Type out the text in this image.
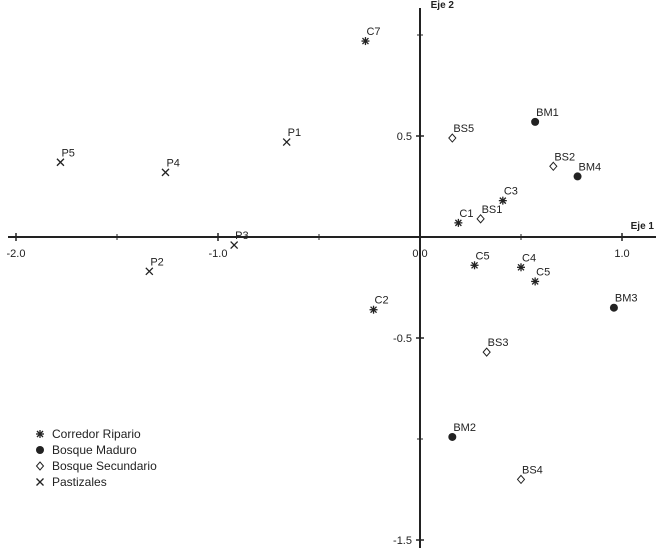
-2.0	-1.0	0.0	1.0
0.5
-0.5
-1.5
Eje 1
Eje 2
C7
C3
C1
C5	C4
C5
C2
BM1
BM4
BM3
BM2
BS5
BS2
BS1
BS3
BS4
P5
P4
P1
P3
P2
Corredor Ripario
Bosque Maduro
Bosque Secundario
Pastizales
